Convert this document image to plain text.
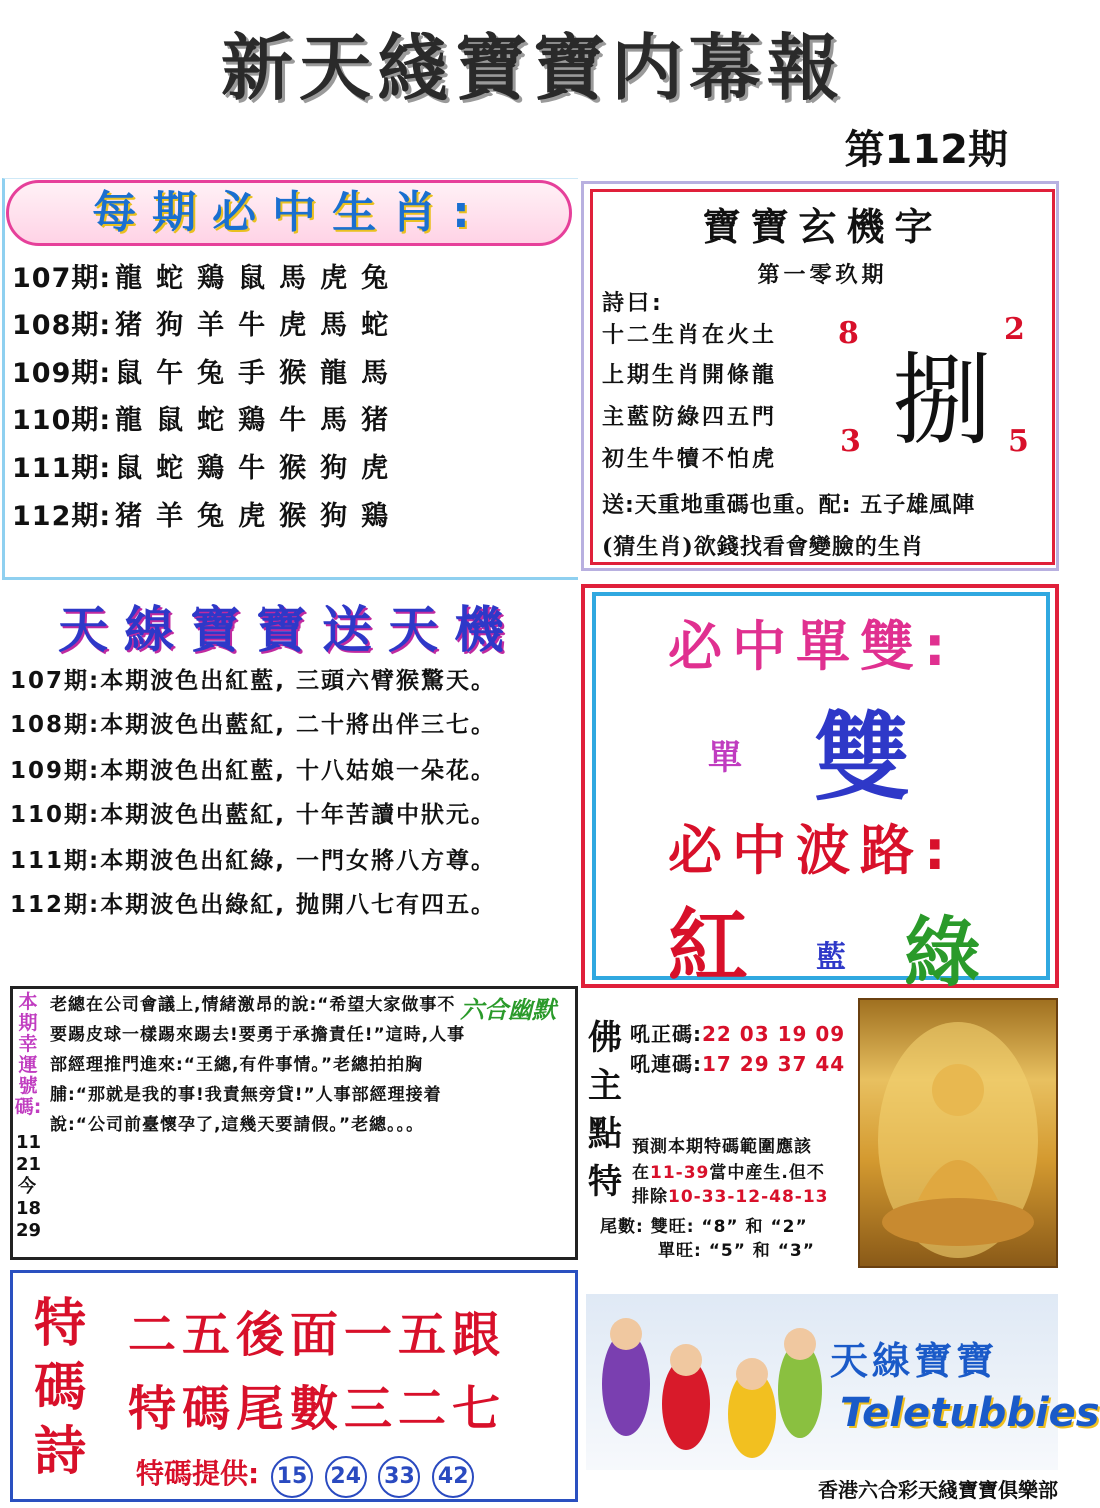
新天綫寶寶内幕報
第112期
每期必中生肖:
107期: 龍蛇鶏鼠馬虎兔
108期: 猪狗羊牛虎馬蛇
109期: 鼠午兔手猴龍馬
110期: 龍鼠蛇鶏牛馬猪
111期: 鼠蛇鶏牛猴狗虎
112期: 猪羊兔虎猴狗鶏
寶寶玄機字
第一零玖期
詩曰:
十二生肖在火土
上期生肖開條龍
主藍防綠四五門
初生牛犢不怕虎
8	2
3	5
捌
送:天重地重碼也重。配: 五子雄風陣
(猜生肖)欲錢找看會變臉的生肖
天線寶寶送天機
107期:本期波色出紅藍, 三頭六臂猴驚天。
108期:本期波色出藍紅, 二十將出伴三七。
109期:本期波色出紅藍, 十八姑娘一朵花。
110期:本期波色出藍紅, 十年苦讀中狀元。
111期:本期波色出紅綠, 一門女將八方尊。
112期:本期波色出綠紅, 抛開八七有四五。
必中單雙:
單 雙
必中波路:
紅 藍 綠
本期幸運號碼:
11 21 今 18 29
老總在公司會議上,情緒激昂的說:“希望大家做事不要踢皮球一樣踢來踢去!要勇于承擔責任!”這時,人事部經理推門進來:“王總,有件事情。”老總拍拍胸脯:“那就是我的事!我責無旁貸!”人事部經理接着說:“公司前臺懷孕了,這幾天要請假。”老總。。。
六合幽默
佛主點特
吼正碼:22 03 19 09
吼連碼:17 29 37 44
預測本期特碼範圍應該
在11-39當中産生.但不
排除10-33-12-48-13
尾數: 雙旺: “8” 和 “2”
單旺: “5” 和 “3”
特碼詩
二五後面一五跟
特碼尾數三二七
特碼提供: 15 24 33 42
天線寶寶
Teletubbies
香港六合彩天綫寶寶俱樂部
